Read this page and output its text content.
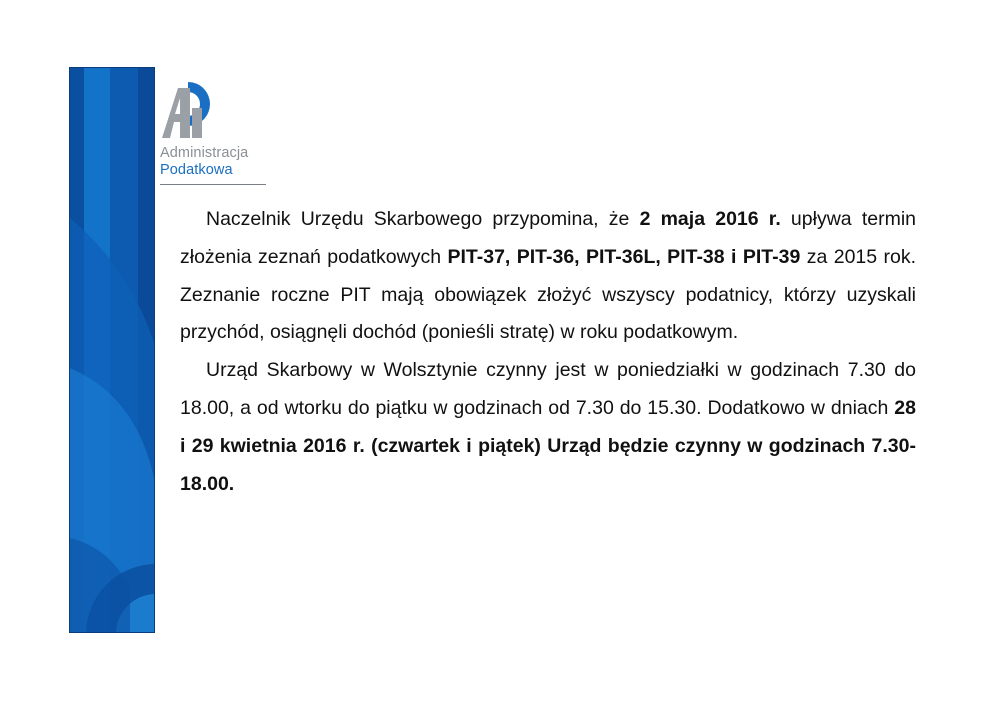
Administracja
Podatkowa

Naczelnik Urzędu Skarbowego przypomina, że 2 maja 2016 r. upływa termin złożenia zeznań podatkowych PIT-37, PIT-36, PIT-36L, PIT-38 i PIT-39 za 2015 rok. Zeznanie roczne PIT mają obowiązek złożyć wszyscy podatnicy, którzy uzyskali przychód, osiągnęli dochód (ponieśli stratę) w roku podatkowym.

Urząd Skarbowy w Wolsztynie czynny jest w poniedziałki w godzinach 7.30 do 18.00, a od wtorku do piątku w godzinach od 7.30 do 15.30. Dodatkowo w dniach 28 i 29 kwietnia 2016 r. (czwartek i piątek) Urząd będzie czynny w godzinach 7.30-18.00.
